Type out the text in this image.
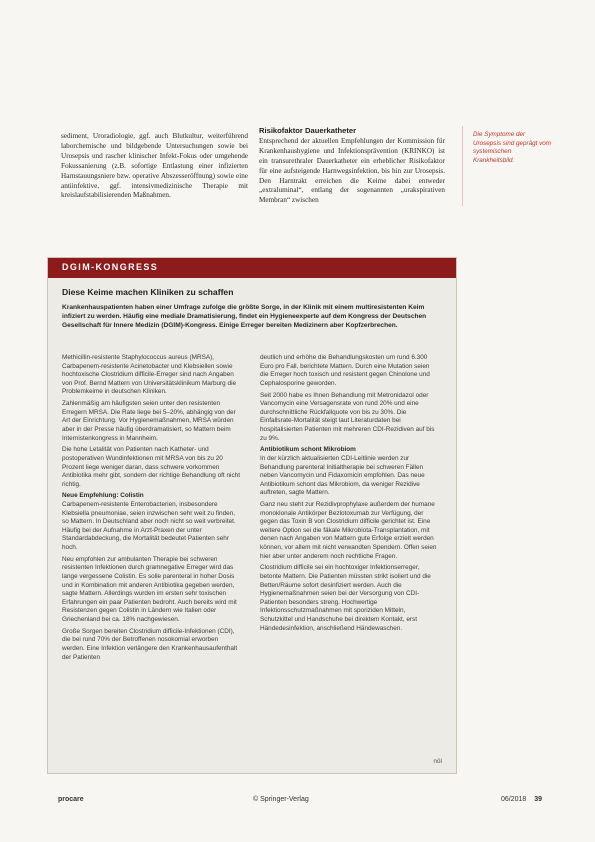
sediment, Uroradiologie, ggf. auch Blutkultur, weiterführend laborchemische und bildgebende Untersuchungen sowie bei Urosepsis und rascher klinischer Infekt-Fokus oder umgehende Fokussanierung (z.B. sofortige Entlastung einer infizierten Harnstauungsniere bzw. operative Abszesseröffnung) sowie eine antiinfektive, ggf. intensivmedizinische Therapie mit kreislaufstabilisierenden Maßnahmen.

Risikofaktor Dauerkatheter

Entsprechend der aktuellen Empfehlungen der Kommission für Krankenhaushygiene und Infektionsprävention (KRINKO) ist ein transurethraler Dauerkatheter ein erheblicher Risikofaktor für eine aufsteigende Harnwegsinfektion, bis hin zur Urosepsis. Den Harntrakt erreichen die Keime dabei entweder „extraluminal“, entlang der sogenannten „urakspirativen Membran“ zwischen

Die Symptome der Urosepsis sind geprägt vom systemischen Krankheitsbild.
DGIM-KONGRESS
Diese Keime machen Kliniken zu schaffen
Krankenhauspatienten haben einer Umfrage zufolge die größte Sorge, in der Klinik mit einem multiresistenten Keim infiziert zu werden. Häufig eine mediale Dramatisierung, findet ein Hygieneexperte auf dem Kongress der Deutschen Gesellschaft für Innere Medizin (DGIM)-Kongress. Einige Erreger bereiten Medizinern aber Kopfzerbrechen.

Methicillin-resistente Staphylococcus aureus (MRSA), Carbapenem-resistente Acinetobacter und Klebsiellen sowie hochtoxische Clostridium difficile-Erreger sind nach Angaben von Prof. Bernd Mattern von Universitätsklinikum Marburg die Problemkeime in deutschen Kliniken.

Zahlenmäßig am häufigsten seien unter den resistenten Erregern MRSA. Die Rate liege bei 5–20%, abhängig von der Art der Einrichtung. Vor Hygienemaßnahmen, MRSA würden aber in der Presse häufig überdramatisiert, so Mattern beim Internistenkongress in Mannheim.

Die hohe Letalität von Patienten nach Katheter- und postoperativen Wundinfektionen mit MRSA von bis zu 20 Prozent liege weniger daran, dass schwere vorkommen Antibiotika mehr gibt, sondern der richtige Behandlung oft nicht richtig.

Neue Empfehlung: Colistin

Carbapenem-resistente Enterobacterien, insbesondere Klebsiella pneumoniae, seien inzwischen sehr weit zu finden, so Mattern. In Deutschland aber noch nicht so weit verbreitet. Häufig bei der Aufnahme in Arzt-Praxen der unter Standardabdeckung, die Mortalität bedeutet Patienten sehr hoch.

Neu empfohlen zur ambulanten Therapie bei schweren resistenten Infektionen durch gramnegative Erreger wird das lange vergessene Colistin. Es solle parenteral in hoher Dosis und in Kombination mit anderen Antibiotika gegeben werden, sagte Mattern. Allerdings wurden im ersten sehr toxischen Erfahrungen ein paar Patienten bedroht. Auch bereits wird mit Resistenzen gegen Colistin in Ländern wie Italien oder Griechenland bei ca. 18% nachgewiesen.

Große Sorgen bereiten Clostridium difficile-Infektionen (CDI), die bei rund 70% der Betroffenen nosokomial erworben werden. Eine Infektion verlängere den Krankenhausaufenthalt der Patienten

deutlich und erhöhe die Behandlungskosten um rund 6.300 Euro pro Fall, berichtete Mattern. Durch eine Mutation seien die Erreger hoch toxisch und resistent gegen Chinolone und Cephalosporine geworden.

Seit 2000 habe es Ihnen Behandlung mit Metronidazol oder Vancomycin eine Versagensrate von rund 20% und eine durchschnittliche Rückfallquote von bis zu 30%. Die Einfallsrate-Mortalität steigt laut Literaturdaten bei hospitalisierten Patienten mit mehreren CDI-Rezidiven auf bis zu 9%.

Antibiotikum schont Mikrobiom

In der kürzlich aktualisierten CDI-Leitlinie werden zur Behandlung parenteral Initialtherapie bei schweren Fällen neben Vancomycin und Fidaxomicin empfohlen. Das neue Antibiotikum schont das Mikrobiom, da weniger Rezidive auftreten, sagte Mattern.

Ganz neu steht zur Rezidivprophylaxe außerdem der humane monoklonale Antikörper Bezlotoxumab zur Verfügung, der gegen das Toxin B von Clostridium difficile gerichtet ist. Eine weitere Option sei die fäkale Mikrobiota-Transplantation, mit denen nach Angaben von Mattern gute Erfolge erzielt werden können, vor allem mit nicht verwandten Spendern. Offen seien hier aber unter anderem noch rechtliche Fragen.

Clostridium difficile sei ein hochtoxiger Infektionserreger, betonte Mattern. Die Patienten müssten strikt isoliert und die Betten/Räume sofort desinfiziert werden. Auch die Hygienemaßnahmen seien bei der Versorgung von CDI-Patienten besonders streng. Hochwertige Infektionsschutzmaßnahmen mit sporiziden Mitteln, Schutzkittel und Handschuhe bei direktem Kontakt, erst Händedesinfektion, anschließend Händewaschen.

nöl
procare	© Springer-Verlag	06/2018 39
